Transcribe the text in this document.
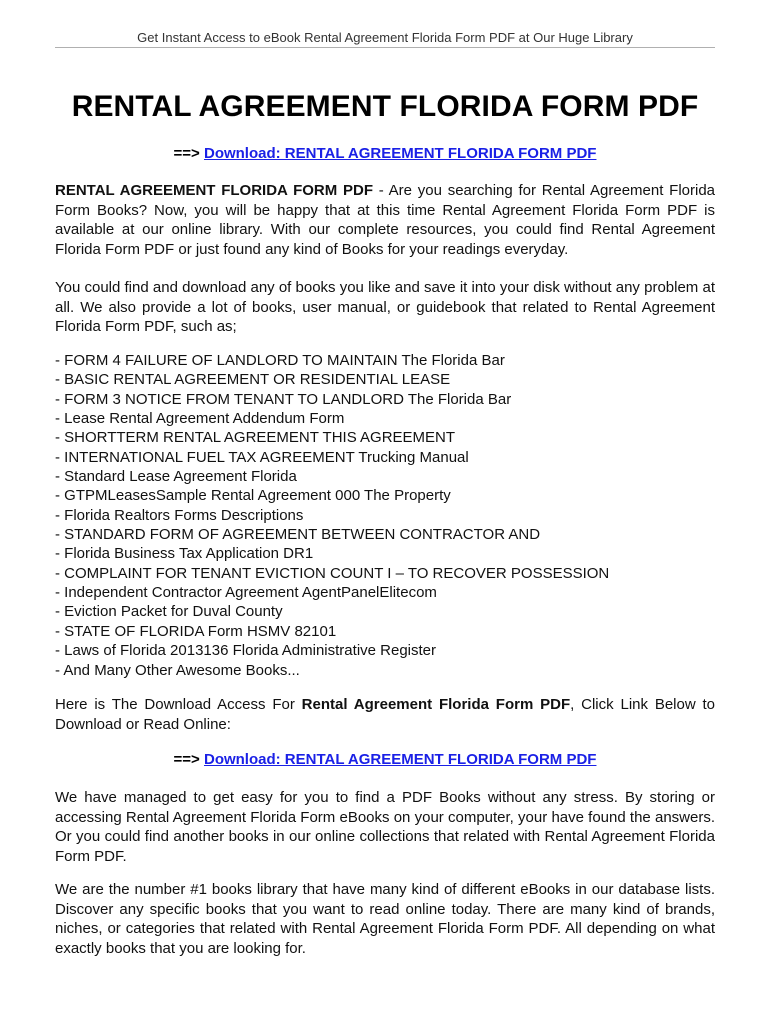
Get Instant Access to eBook Rental Agreement Florida Form PDF at Our Huge Library
RENTAL AGREEMENT FLORIDA FORM PDF
==> Download: RENTAL AGREEMENT FLORIDA FORM PDF

RENTAL AGREEMENT FLORIDA FORM PDF - Are you searching for Rental Agreement Florida Form Books? Now, you will be happy that at this time Rental Agreement Florida Form PDF is available at our online library. With our complete resources, you could find Rental Agreement Florida Form PDF or just found any kind of Books for your readings everyday.

You could find and download any of books you like and save it into your disk without any problem at all. We also provide a lot of books, user manual, or guidebook that related to Rental Agreement Florida Form PDF, such as;

- FORM 4 FAILURE OF LANDLORD TO MAINTAIN The Florida Bar
- BASIC RENTAL AGREEMENT OR RESIDENTIAL LEASE
- FORM 3 NOTICE FROM TENANT TO LANDLORD The Florida Bar
- Lease Rental Agreement Addendum Form
- SHORTTERM RENTAL AGREEMENT THIS AGREEMENT
- INTERNATIONAL FUEL TAX AGREEMENT Trucking Manual
- Standard Lease Agreement Florida
- GTPMLeasesSample Rental Agreement 000 The Property
- Florida Realtors Forms Descriptions
- STANDARD FORM OF AGREEMENT BETWEEN CONTRACTOR AND
- Florida Business Tax Application DR1
- COMPLAINT FOR TENANT EVICTION COUNT I – TO RECOVER POSSESSION
- Independent Contractor Agreement AgentPanelElitecom
- Eviction Packet for Duval County
- STATE OF FLORIDA Form HSMV 82101
- Laws of Florida 2013136 Florida Administrative Register
- And Many Other Awesome Books...

Here is The Download Access For Rental Agreement Florida Form PDF, Click Link Below to Download or Read Online:

==> Download: RENTAL AGREEMENT FLORIDA FORM PDF

We have managed to get easy for you to find a PDF Books without any stress. By storing or accessing Rental Agreement Florida Form eBooks on your computer, your have found the answers. Or you could find another books in our online collections that related with Rental Agreement Florida Form PDF.

We are the number #1 books library that have many kind of different eBooks in our database lists. Discover any specific books that you want to read online today. There are many kind of brands, niches, or categories that related with Rental Agreement Florida Form PDF. All depending on what exactly books that you are looking for.
